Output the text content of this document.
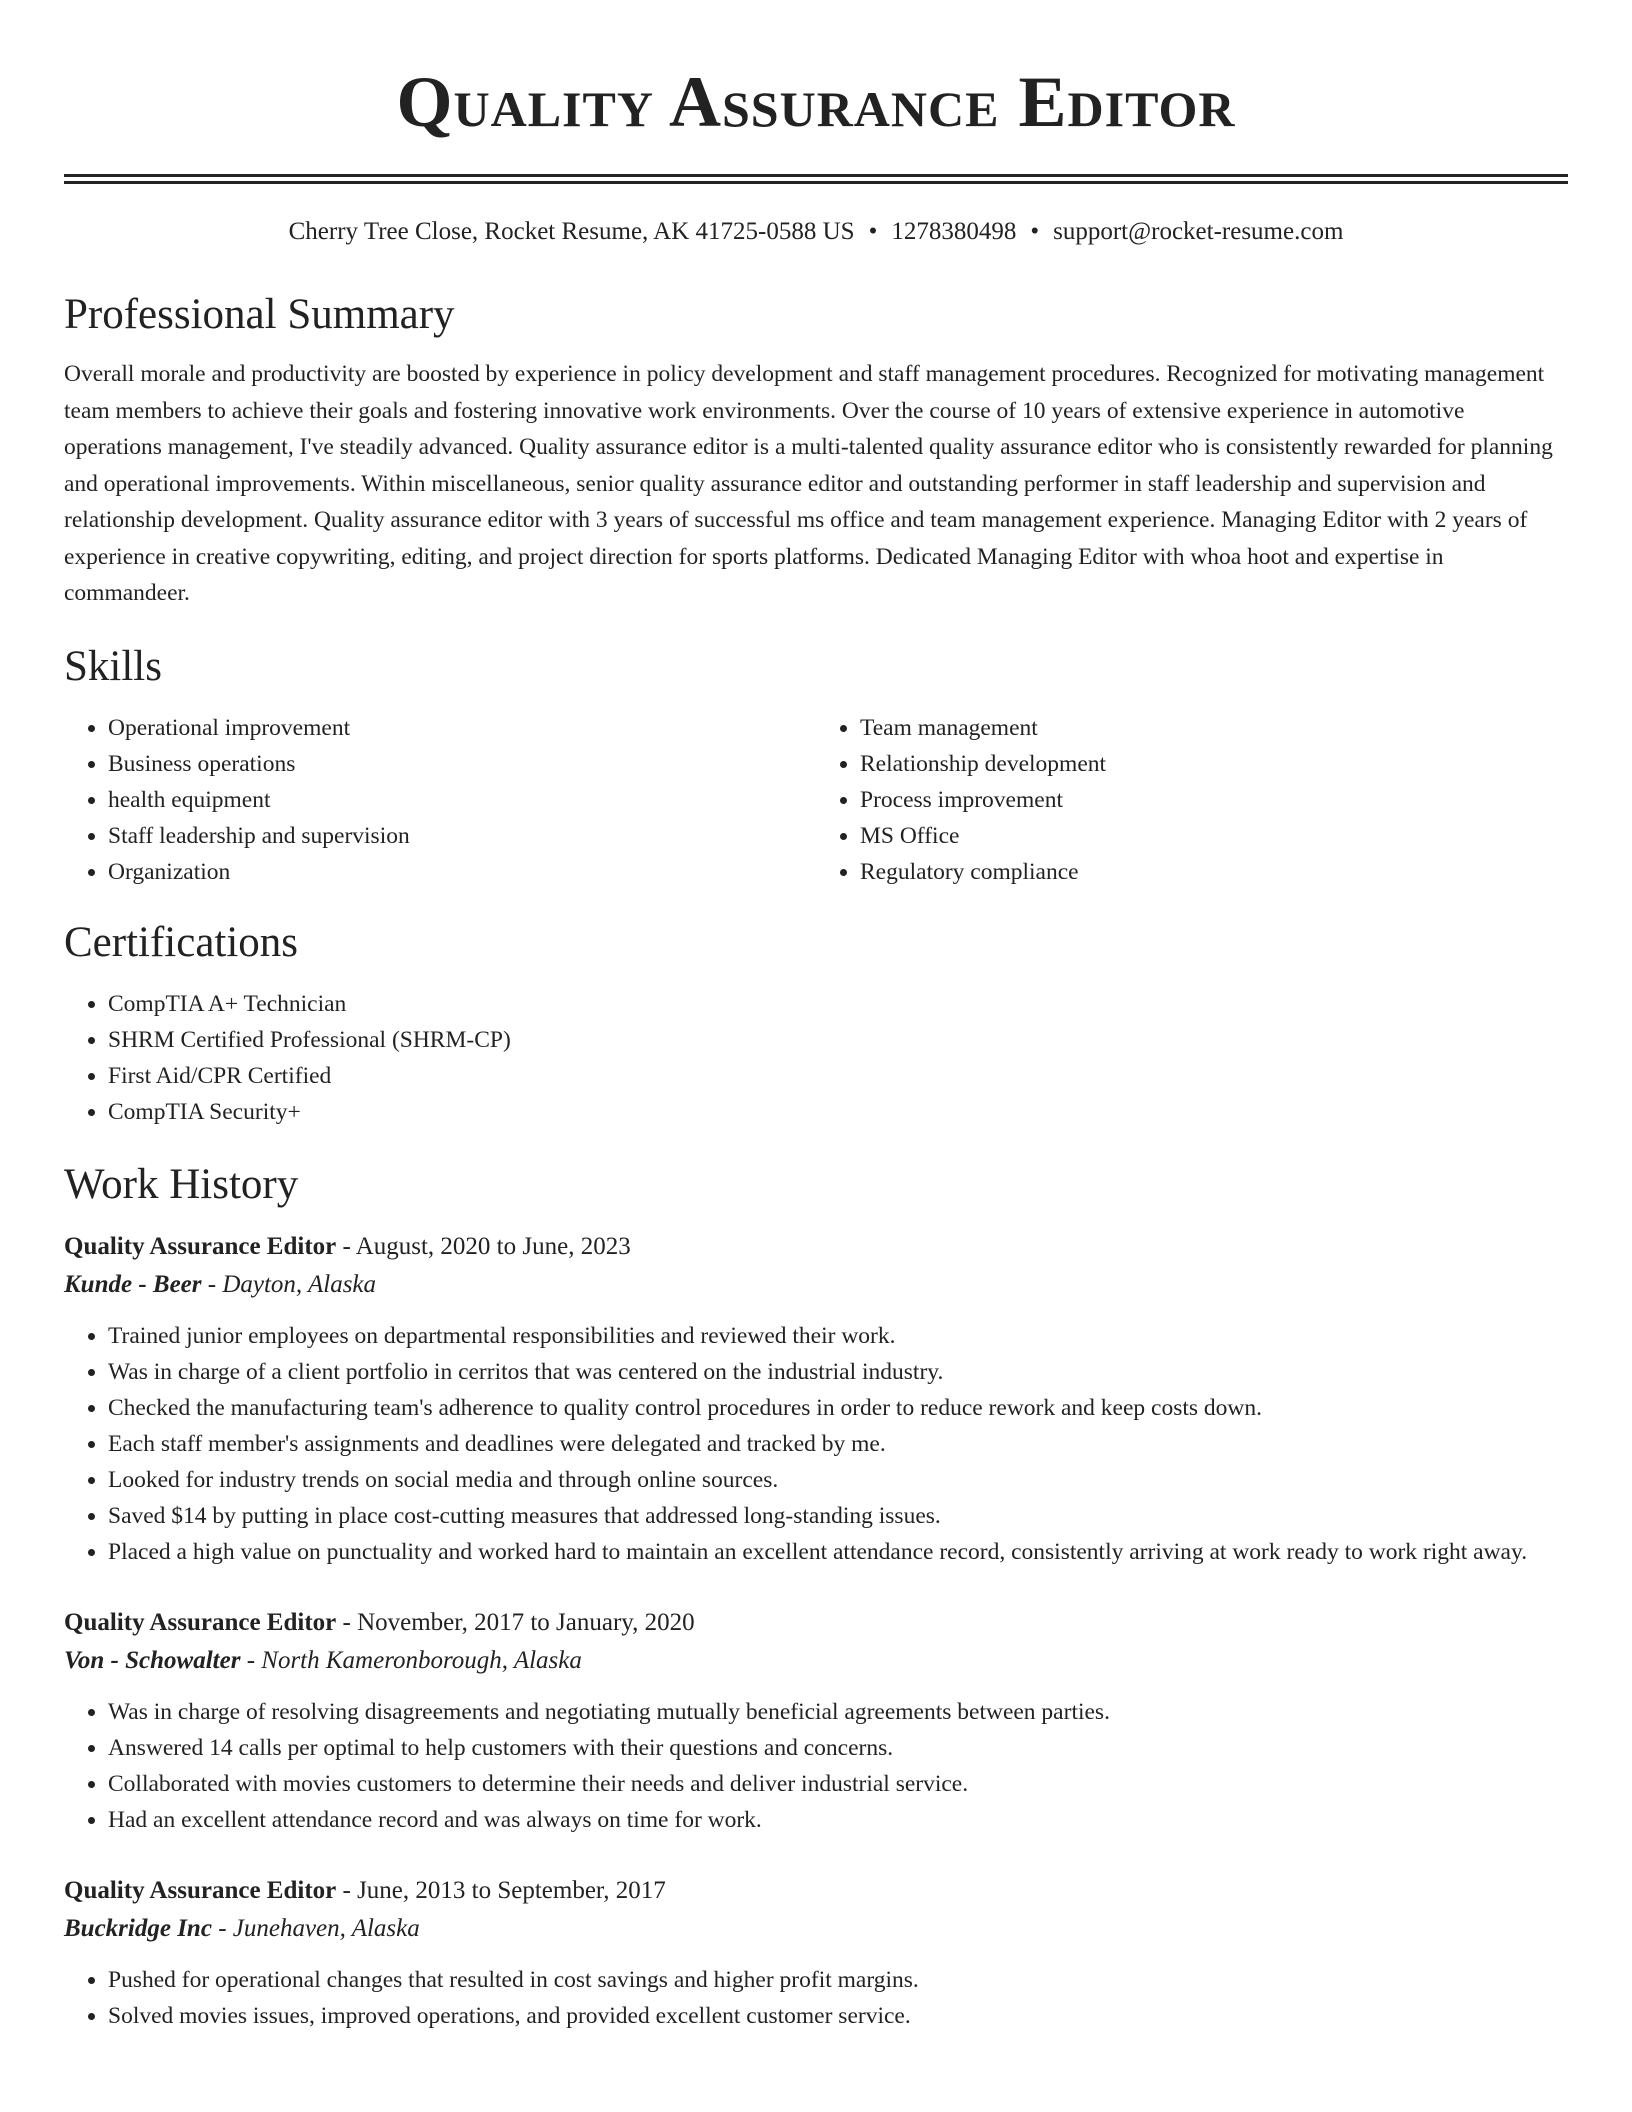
Quality Assurance Editor
Cherry Tree Close, Rocket Resume, AK 41725-0588 US • 1278380498 • support@rocket-resume.com
Professional Summary

Overall morale and productivity are boosted by experience in policy development and staff management procedures. Recognized for motivating management team members to achieve their goals and fostering innovative work environments. Over the course of 10 years of extensive experience in automotive operations management, I've steadily advanced. Quality assurance editor is a multi-talented quality assurance editor who is consistently rewarded for planning and operational improvements. Within miscellaneous, senior quality assurance editor and outstanding performer in staff leadership and supervision and relationship development. Quality assurance editor with 3 years of successful ms office and team management experience. Managing Editor with 2 years of experience in creative copywriting, editing, and project direction for sports platforms. Dedicated Managing Editor with whoa hoot and expertise in commandeer.

Skills
• Operational improvement
• Business operations
• health equipment
• Staff leadership and supervision
• Organization
• Team management
• Relationship development
• Process improvement
• MS Office
• Regulatory compliance
Certifications
• CompTIA A+ Technician
• SHRM Certified Professional (SHRM-CP)
• First Aid/CPR Certified
• CompTIA Security+
Work History
Quality Assurance Editor - August, 2020 to June, 2023
Kunde - Beer - Dayton, Alaska
• Trained junior employees on departmental responsibilities and reviewed their work.
• Was in charge of a client portfolio in cerritos that was centered on the industrial industry.
• Checked the manufacturing team's adherence to quality control procedures in order to reduce rework and keep costs down.
• Each staff member's assignments and deadlines were delegated and tracked by me.
• Looked for industry trends on social media and through online sources.
• Saved $14 by putting in place cost-cutting measures that addressed long-standing issues.
• Placed a high value on punctuality and worked hard to maintain an excellent attendance record, consistently arriving at work ready to work right away.
Quality Assurance Editor - November, 2017 to January, 2020
Von - Schowalter - North Kameronborough, Alaska
• Was in charge of resolving disagreements and negotiating mutually beneficial agreements between parties.
• Answered 14 calls per optimal to help customers with their questions and concerns.
• Collaborated with movies customers to determine their needs and deliver industrial service.
• Had an excellent attendance record and was always on time for work.
Quality Assurance Editor - June, 2013 to September, 2017
Buckridge Inc - Junehaven, Alaska
• Pushed for operational changes that resulted in cost savings and higher profit margins.
• Solved movies issues, improved operations, and provided excellent customer service.
